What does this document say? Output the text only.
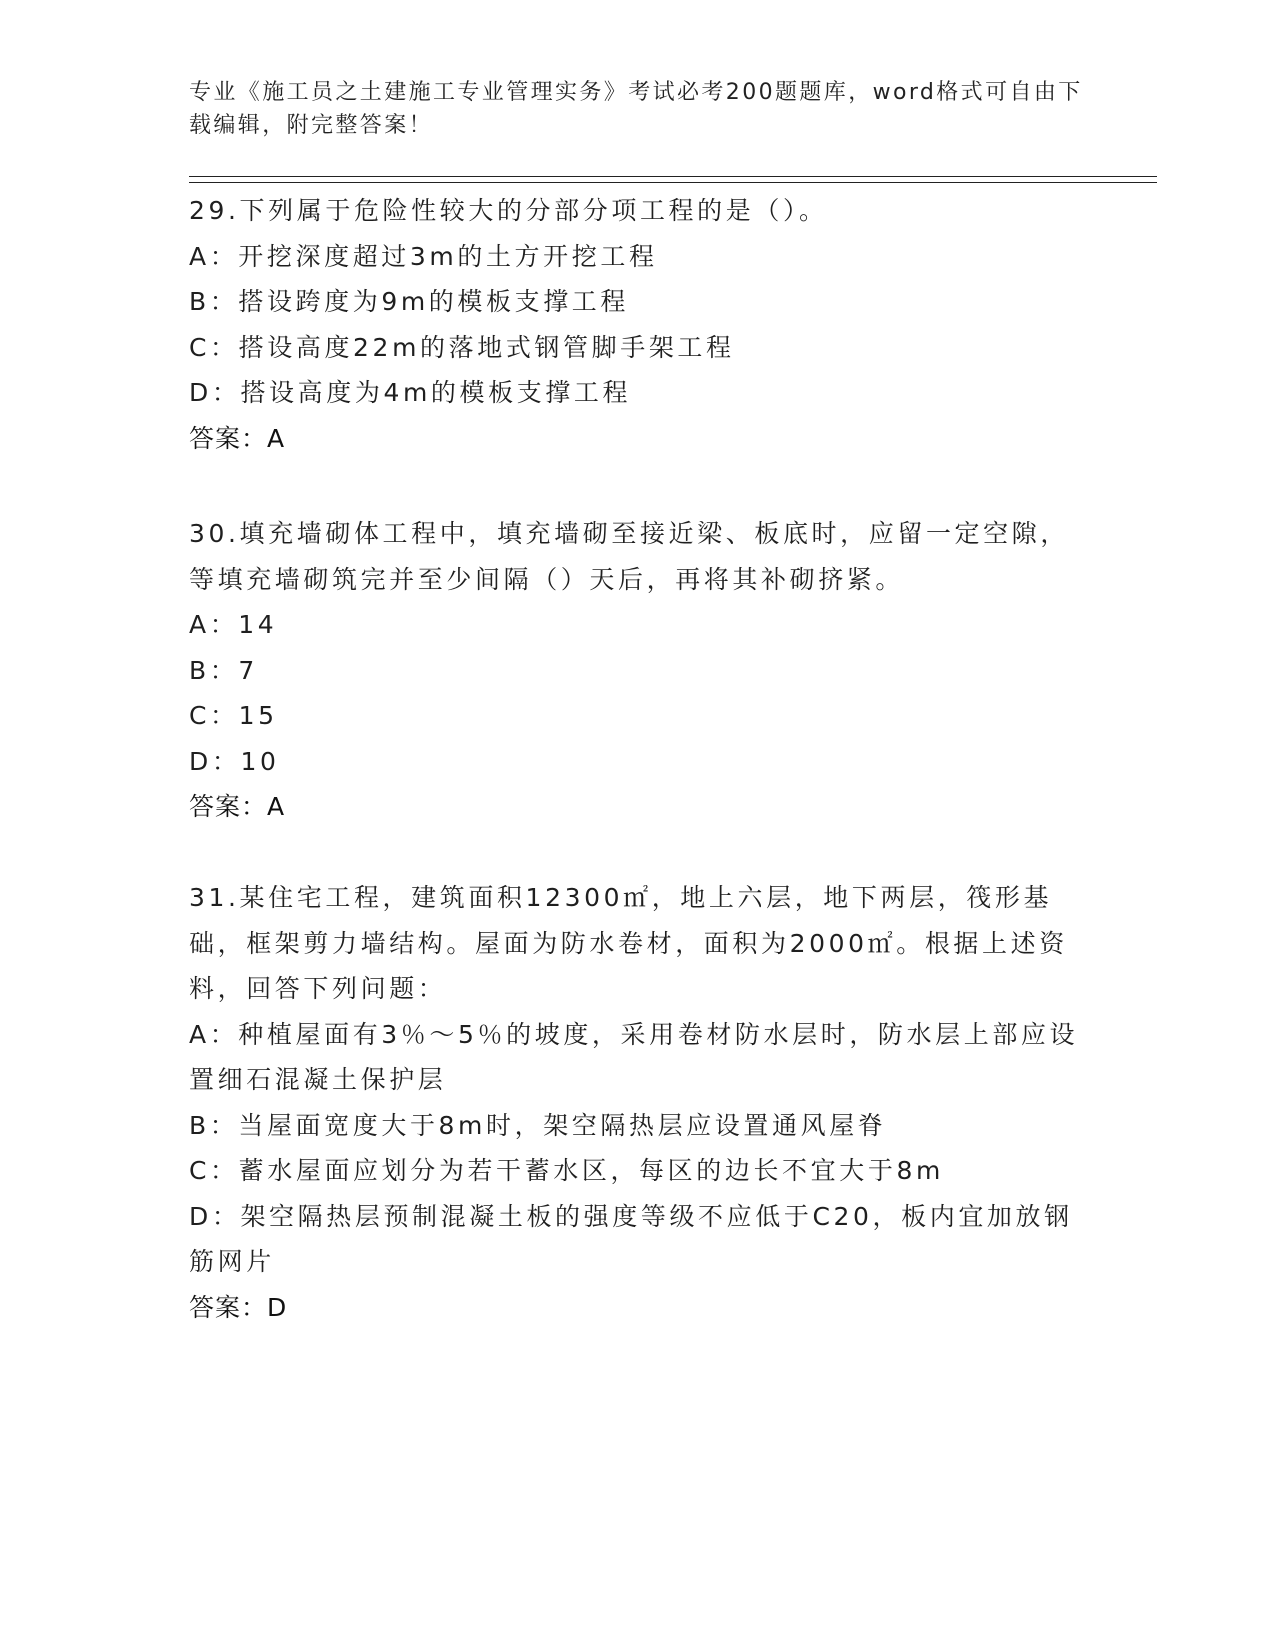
专业《施工员之土建施工专业管理实务》考试必考200题题库，word格式可自由下载编辑，附完整答案！

29.下列属于危险性较大的分部分项工程的是（）。

A：开挖深度超过3m的土方开挖工程

B：搭设跨度为9m的模板支撑工程

C：搭设高度22m的落地式钢管脚手架工程

D：搭设高度为4m的模板支撑工程

答案：A

30.填充墙砌体工程中，填充墙砌至接近梁、板底时，应留一定空隙，等填充墙砌筑完并至少间隔（）天后，再将其补砌挤紧。

A：14

B：7

C：15

D：10

答案：A

31.某住宅工程，建筑面积12300㎡，地上六层，地下两层，筏形基础，框架剪力墙结构。屋面为防水卷材，面积为2000㎡。根据上述资料，回答下列问题：

A：种植屋面有3％～5％的坡度，采用卷材防水层时，防水层上部应设置细石混凝土保护层

B：当屋面宽度大于8m时，架空隔热层应设置通风屋脊

C：蓄水屋面应划分为若干蓄水区，每区的边长不宜大于8m

D：架空隔热层预制混凝土板的强度等级不应低于C20，板内宜加放钢筋网片

答案：D
